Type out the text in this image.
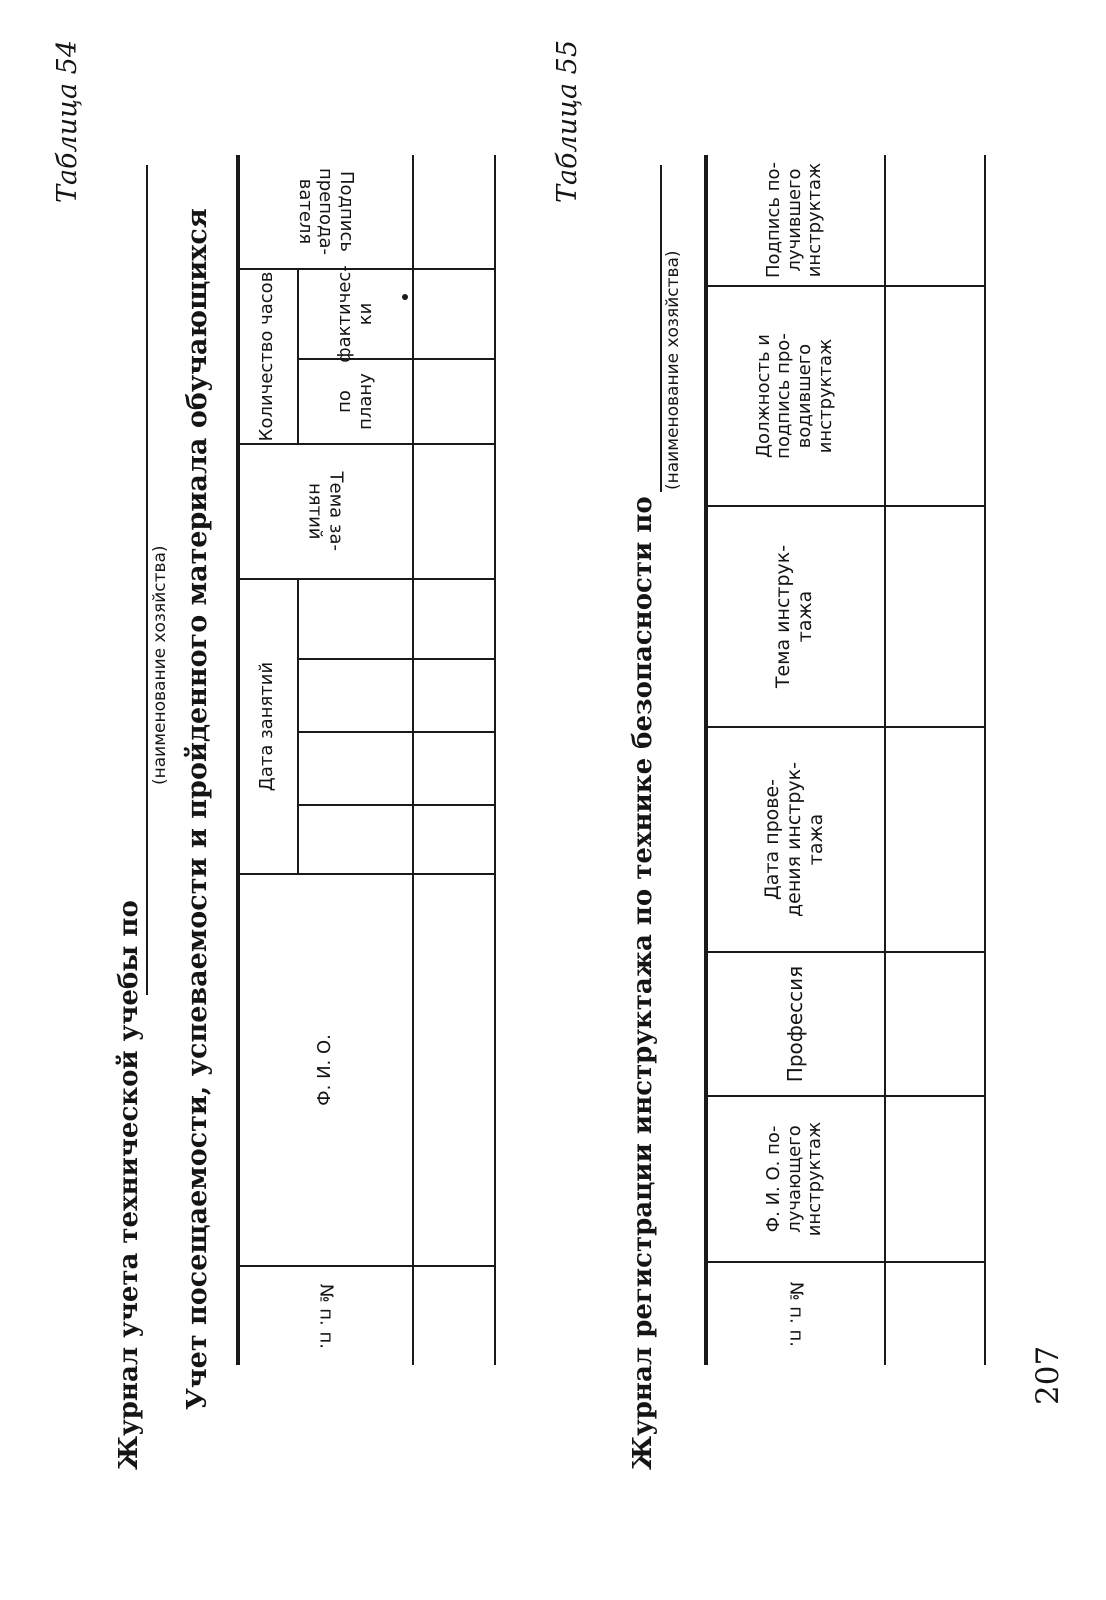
Таблица 54
Журнал учета технической учебы по
(наименование хозяйства) Учет посещаемости, успеваемости и пройденного материала обучающихся	№ п. п.
Ф. И. О.
Дата занятий
Тема за-
нятий
Количество часов	по
плану
фактичес-
ки
Подпись
преподa-
вателя
Таблица 55
Журнал регистрации инструктажа по технике безопасности по
(наименование хозяйства)
№ п. п.
Ф. И. О. по-
лучающего
инструктаж
Профессия
Дата прове-
дения инструк-
тажа
Тема инструк-
тажа
Должность и
подпись про-
водившего
инструктаж
Подпись по-
лучившего
инструктаж
207
